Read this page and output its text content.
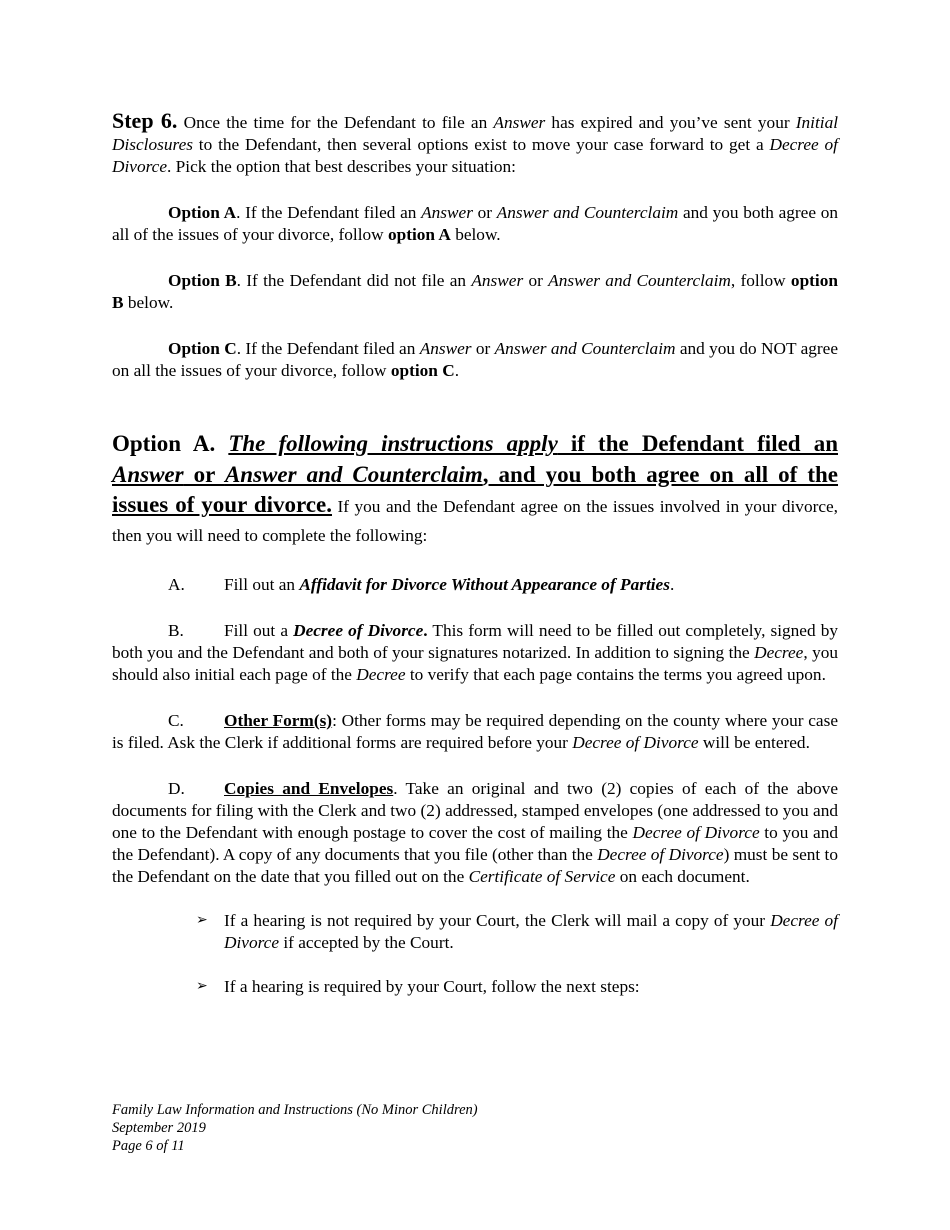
Step 6. Once the time for the Defendant to file an Answer has expired and you’ve sent your Initial Disclosures to the Defendant, then several options exist to move your case forward to get a Decree of Divorce. Pick the option that best describes your situation:

Option A. If the Defendant filed an Answer or Answer and Counterclaim and you both agree on all of the issues of your divorce, follow option A below.

Option B. If the Defendant did not file an Answer or Answer and Counterclaim, follow option B below.

Option C. If the Defendant filed an Answer or Answer and Counterclaim and you do NOT agree on all the issues of your divorce, follow option C.

Option A. The following instructions apply if the Defendant filed an Answer or Answer and Counterclaim, and you both agree on all of the issues of your divorce. If you and the Defendant agree on the issues involved in your divorce, then you will need to complete the following:

A. Fill out an Affidavit for Divorce Without Appearance of Parties.

B. Fill out a Decree of Divorce. This form will need to be filled out completely, signed by both you and the Defendant and both of your signatures notarized. In addition to signing the Decree, you should also initial each page of the Decree to verify that each page contains the terms you agreed upon.

C. Other Form(s): Other forms may be required depending on the county where your case is filed. Ask the Clerk if additional forms are required before your Decree of Divorce will be entered.

D. Copies and Envelopes. Take an original and two (2) copies of each of the above documents for filing with the Clerk and two (2) addressed, stamped envelopes (one addressed to you and one to the Defendant with enough postage to cover the cost of mailing the Decree of Divorce to you and the Defendant). A copy of any documents that you file (other than the Decree of Divorce) must be sent to the Defendant on the date that you filled out on the Certificate of Service on each document.

➢ If a hearing is not required by your Court, the Clerk will mail a copy of your Decree of Divorce if accepted by the Court.
➢ If a hearing is required by your Court, follow the next steps:
Family Law Information and Instructions (No Minor Children)
September 2019
Page 6 of 11
